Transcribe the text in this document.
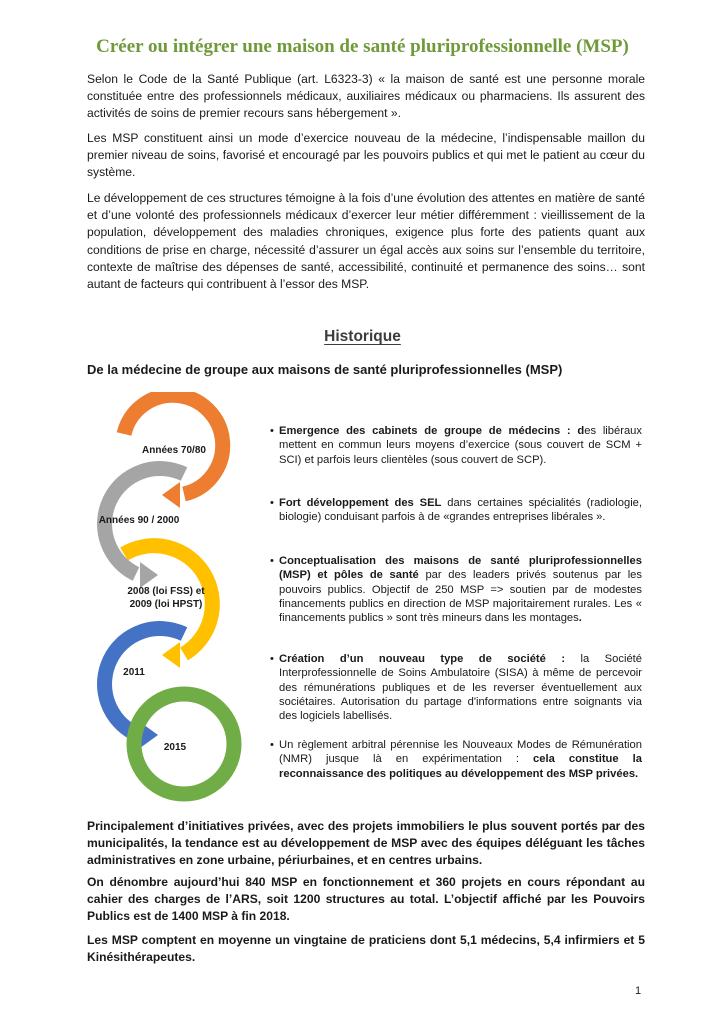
Créer ou intégrer une maison de santé pluriprofessionnelle (MSP)

Selon le Code de la Santé Publique (art. L6323-3) « la maison de santé est une personne morale constituée entre des professionnels médicaux, auxiliaires médicaux ou pharmaciens. Ils assurent des activités de soins de premier recours sans hébergement ».

Les MSP constituent ainsi un mode d’exercice nouveau de la médecine, l’indispensable maillon du premier niveau de soins, favorisé et encouragé par les pouvoirs publics et qui met le patient au cœur du système.

Le développement de ces structures témoigne à la fois d’une évolution des attentes en matière de santé et d’une volonté des professionnels médicaux d’exercer leur métier différemment : vieillissement de la population, développement des maladies chroniques, exigence plus forte des patients quant aux conditions de prise en charge, nécessité d’assurer un égal accès aux soins sur l’ensemble du territoire, contexte de maîtrise des dépenses de santé, accessibilité, continuité et permanence des soins… sont autant de facteurs qui contribuent à l’essor des MSP.

Historique
De la médecine de groupe aux maisons de santé pluriprofessionnelles (MSP)
Années 70/80
Années 90 / 2000
2008 (loi FSS) et 2009 (loi HPST)
2011
2015

• Emergence des cabinets de groupe de médecins : des libéraux mettent en commun leurs moyens d’exercice (sous couvert de SCM + SCI) et parfois leurs clientèles (sous couvert de SCP).

• Fort développement des SEL dans certaines spécialités (radiologie, biologie) conduisant parfois à de «grandes entreprises libérales ».

• Conceptualisation des maisons de santé pluriprofessionnelles (MSP) et pôles de santé par des leaders privés soutenus par les pouvoirs publics. Objectif de 250 MSP => soutien par de modestes financements publics en direction de MSP majoritairement rurales. Les « financements publics » sont très mineurs dans les montages.

• Création d’un nouveau type de société : la Société Interprofessionnelle de Soins Ambulatoire (SISA) à même de percevoir des rémunérations publiques et de les reverser éventuellement aux sociétaires. Autorisation du partage d'informations entre soignants via des logiciels labellisés.

• Un règlement arbitral pérennise les Nouveaux Modes de Rémunération (NMR) jusque là en expérimentation : cela constitue la reconnaissance des politiques au développement des MSP privées.

Principalement d’initiatives privées, avec des projets immobiliers le plus souvent portés par des municipalités, la tendance est au développement de MSP avec des équipes déléguant les tâches administratives en zone urbaine, périurbaines, et en centres urbains.

On dénombre aujourd’hui 840 MSP en fonctionnement et 360 projets en cours répondant au cahier des charges de l’ARS, soit 1200 structures au total. L’objectif affiché par les Pouvoirs Publics est de 1400 MSP à fin 2018.

Les MSP comptent en moyenne un vingtaine de praticiens dont 5,1 médecins, 5,4 infirmiers et 5 Kinésithérapeutes.

1
